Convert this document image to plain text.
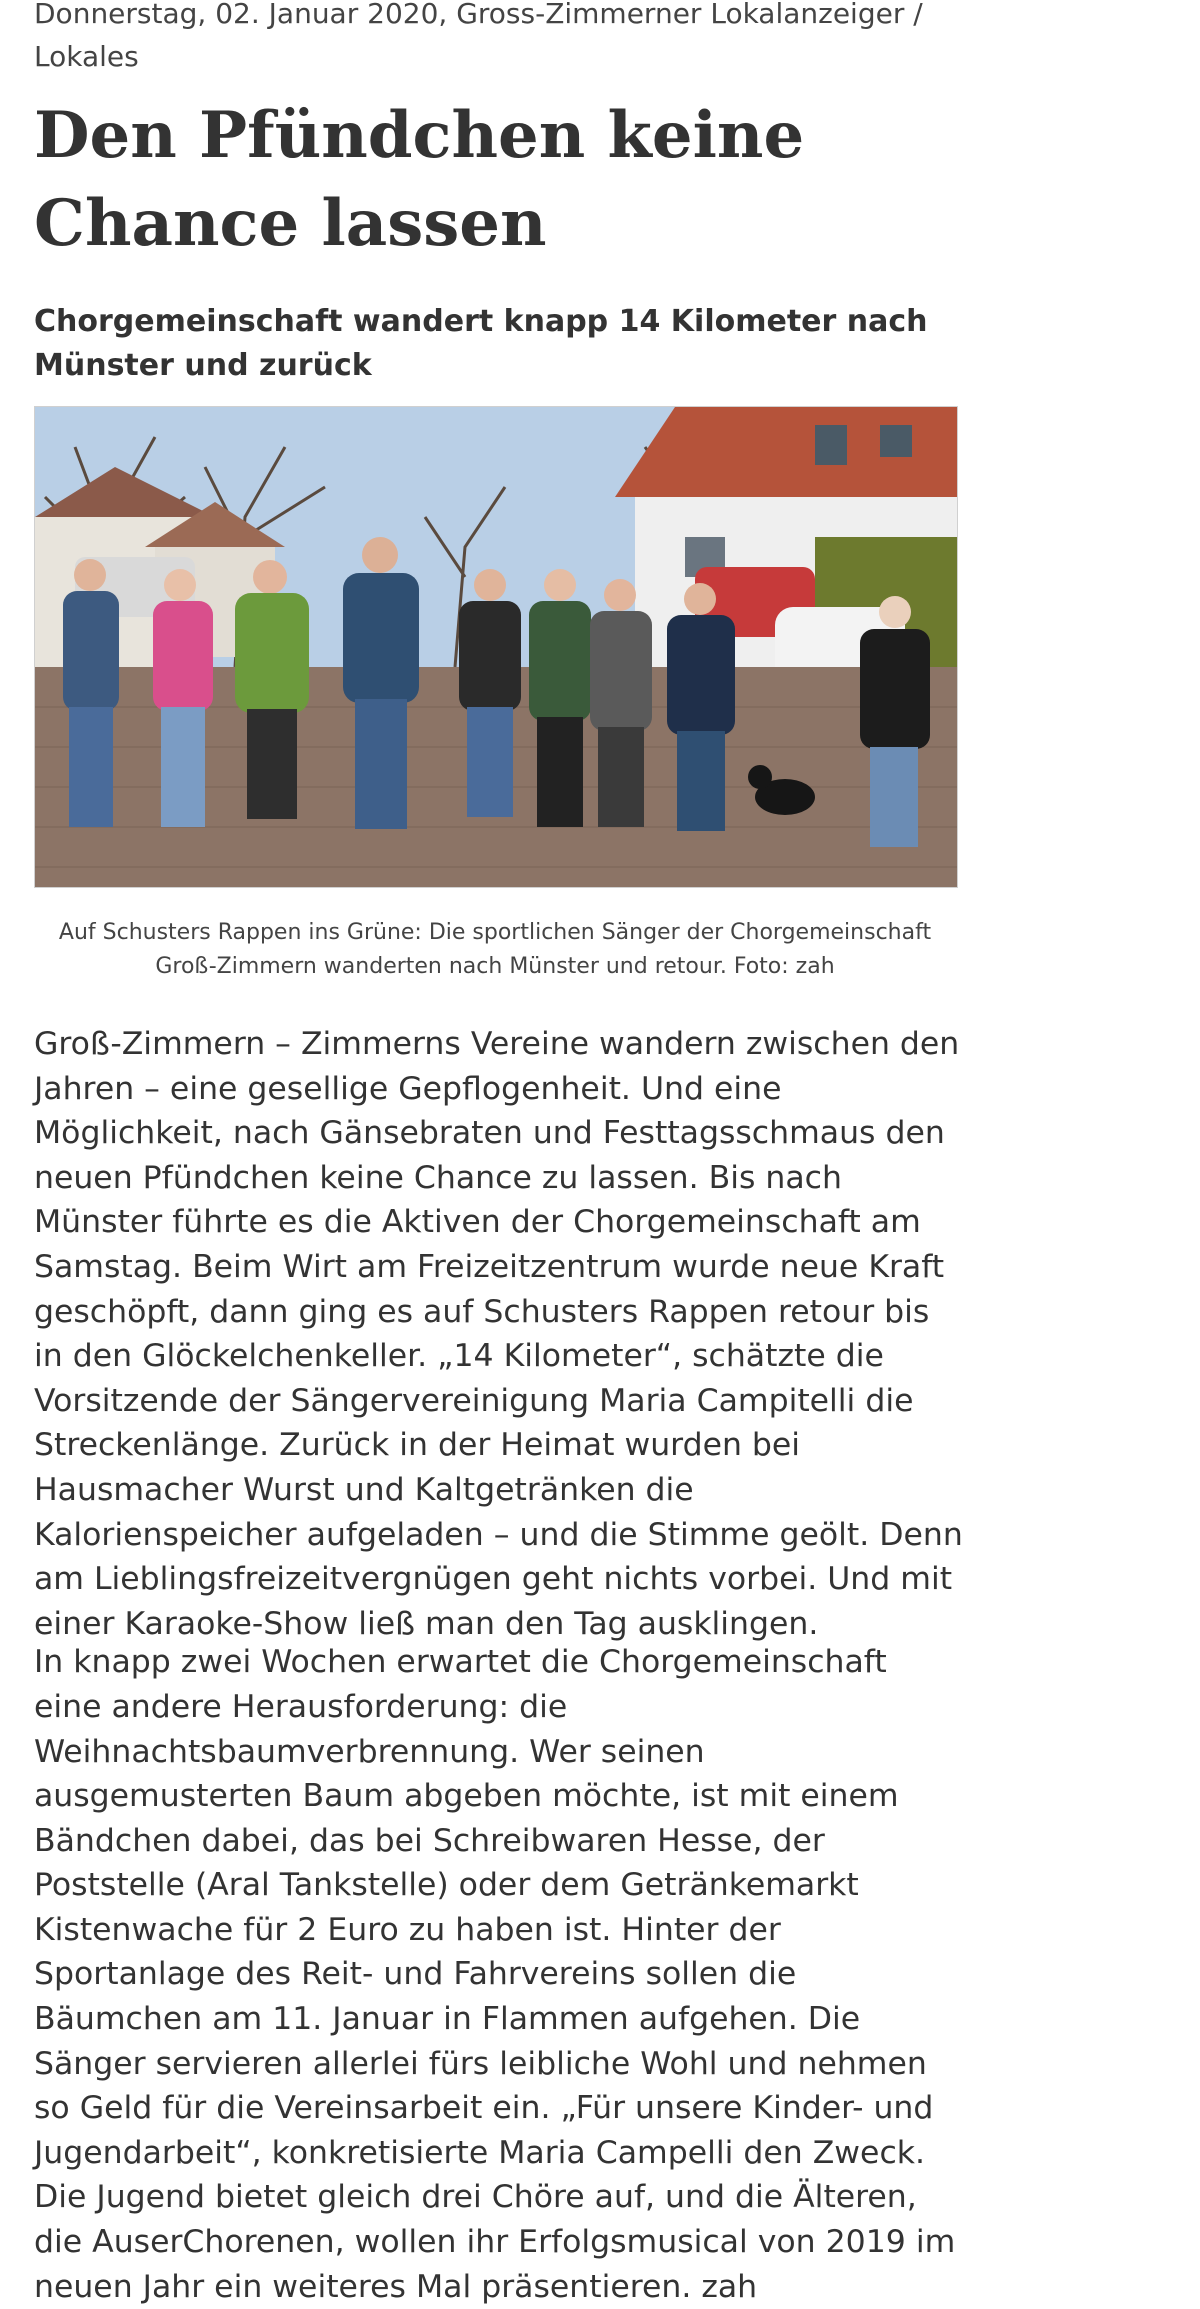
Donnerstag, 02. Januar 2020, Gross-Zimmerner Lokalanzeiger / Lokales
Den Pfündchen keine Chance lassen
Chorgemeinschaft wandert knapp 14 Kilometer nach Münster und zurück
Auf Schusters Rappen ins Grüne: Die sportlichen Sänger der Chorgemeinschaft Groß-Zimmern wanderten nach Münster und retour. Foto: zah

Groß-Zimmern – Zimmerns Vereine wandern zwischen den Jahren – eine gesellige Gepflogenheit. Und eine Möglichkeit, nach Gänsebraten und Festtagsschmaus den neuen Pfündchen keine Chance zu lassen. Bis nach Münster führte es die Aktiven der Chorgemeinschaft am Samstag. Beim Wirt am Freizeitzentrum wurde neue Kraft geschöpft, dann ging es auf Schusters Rappen retour bis in den Glöckelchenkeller. „14 Kilometer“, schätzte die Vorsitzende der Sängervereinigung Maria Campitelli die Streckenlänge. Zurück in der Heimat wurden bei Hausmacher Wurst und Kaltgetränken die Kalorienspeicher aufgeladen – und die Stimme geölt. Denn am Lieblingsfreizeitvergnügen geht nichts vorbei. Und mit einer Karaoke-Show ließ man den Tag ausklingen.

In knapp zwei Wochen erwartet die Chorgemeinschaft eine andere Herausforderung: die Weihnachtsbaumverbrennung. Wer seinen ausgemusterten Baum abgeben möchte, ist mit einem Bändchen dabei, das bei Schreibwaren Hesse, der Poststelle (Aral Tankstelle) oder dem Getränkemarkt Kistenwache für 2 Euro zu haben ist. Hinter der Sportanlage des Reit- und Fahrvereins sollen die Bäumchen am 11. Januar in Flammen aufgehen. Die Sänger servieren allerlei fürs leibliche Wohl und nehmen so Geld für die Vereinsarbeit ein. „Für unsere Kinder- und Jugendarbeit“, konkretisierte Maria Campelli den Zweck. Die Jugend bietet gleich drei Chöre auf, und die Älteren, die AuserChorenen, wollen ihr Erfolgsmusical von 2019 im neuen Jahr ein weiteres Mal präsentieren. zah
